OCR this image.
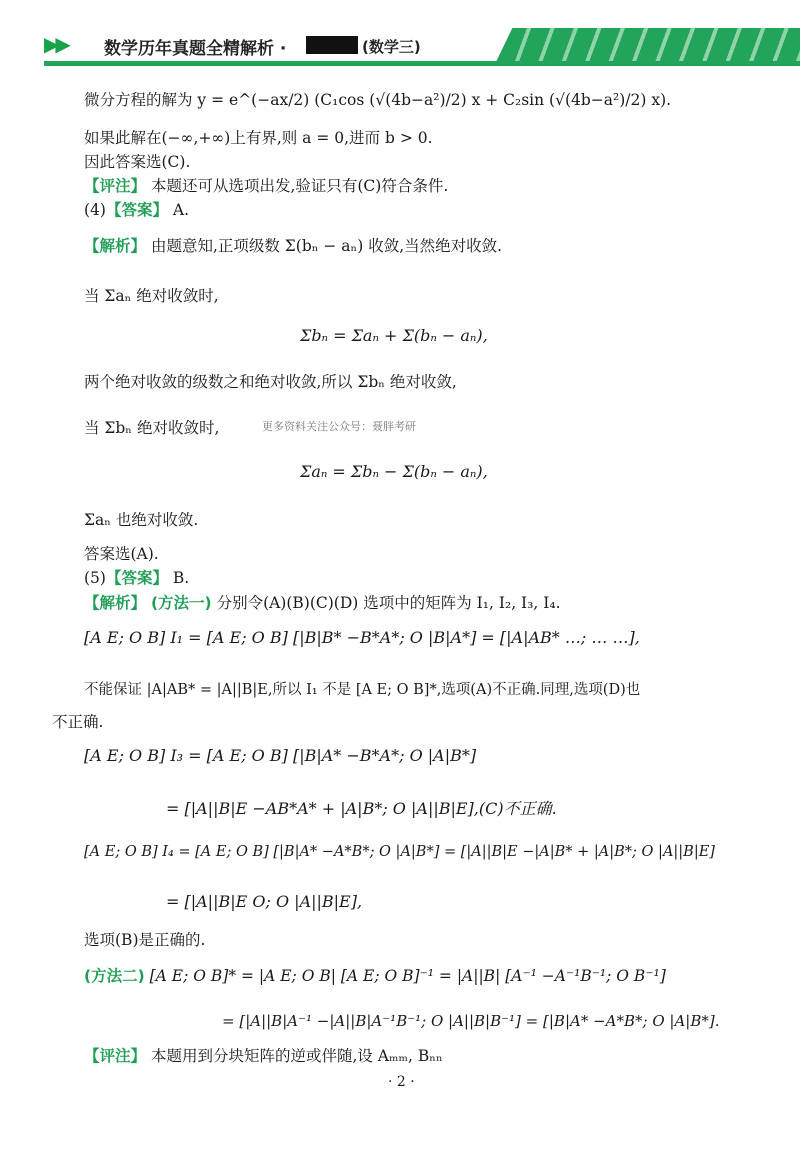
▶▶ 数学历年真题全精解析 ·	(数学三)
微分方程的解为 y = e^(−ax/2) (C₁cos (√(4b−a²)/2) x + C₂sin (√(4b−a²)/2) x).
如果此解在(−∞,+∞)上有界,则 a = 0,进而 b > 0.
因此答案选(C).
【评注】 本题还可从选项出发,验证只有(C)符合条件.
(4)【答案】 A.
【解析】 由题意知,正项级数 Σ(bₙ − aₙ) 收敛,当然绝对收敛.
当 Σaₙ 绝对收敛时,
Σbₙ = Σaₙ + Σ(bₙ − aₙ),
两个绝对收敛的级数之和绝对收敛,所以 Σbₙ 绝对收敛,
当 Σbₙ 绝对收敛时,	更多资料关注公众号：聂胖考研
Σaₙ = Σbₙ − Σ(bₙ − aₙ),
Σaₙ 也绝对收敛.
答案选(A).
(5)【答案】 B.
【解析】 (方法一) 分别令(A)(B)(C)(D) 选项中的矩阵为 I₁, I₂, I₃, I₄.
[A E; O B] I₁ = [A E; O B] [|B|B* −B*A*; O |B|A*] = [|A|AB* …; … …],
不能保证 |A|AB* = |A||B|E,所以 I₁ 不是 [A E; O B]*,选项(A)不正确.同理,选项(D)也
不正确.
[A E; O B] I₃ = [A E; O B] [|B|A* −B*A*; O |A|B*]
= [|A||B|E −AB*A* + |A|B*; O |A||B|E],(C)不正确.
[A E; O B] I₄ = [A E; O B] [|B|A* −A*B*; O |A|B*] = [|A||B|E −|A|B* + |A|B*; O |A||B|E]
= [|A||B|E O; O |A||B|E],
选项(B)是正确的.
(方法二) [A E; O B]* = |A E; O B| [A E; O B]⁻¹ = |A||B| [A⁻¹ −A⁻¹B⁻¹; O B⁻¹]
= [|A||B|A⁻¹ −|A||B|A⁻¹B⁻¹; O |A||B|B⁻¹] = [|B|A* −A*B*; O |A|B*].
【评注】 本题用到分块矩阵的逆或伴随,设 Aₘₘ, Bₙₙ
· 2 ·
